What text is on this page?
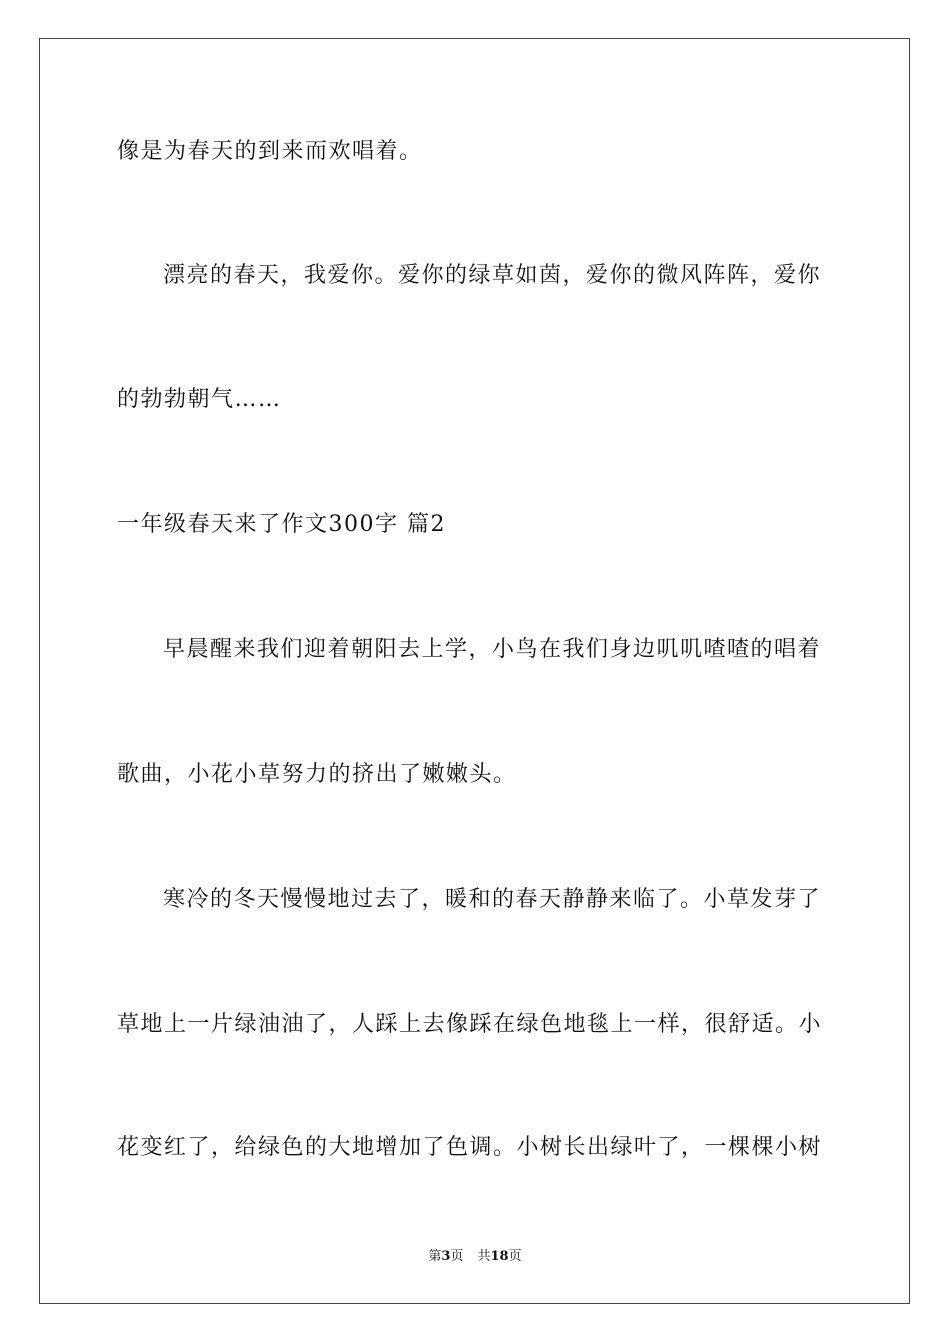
像是为春天的到来而欢唱着。
漂亮的春天，我爱你。爱你的绿草如茵，爱你的微风阵阵，爱你
的勃勃朝气……
一年级春天来了作文300字 篇2
早晨醒来我们迎着朝阳去上学，小鸟在我们身边叽叽喳喳的唱着
歌曲，小花小草努力的挤出了嫩嫩头。
寒冷的冬天慢慢地过去了，暖和的春天静静来临了。小草发芽了
草地上一片绿油油了，人踩上去像踩在绿色地毯上一样，很舒适。小
花变红了，给绿色的大地增加了色调。小树长出绿叶了，一棵棵小树
第3页 共18页
